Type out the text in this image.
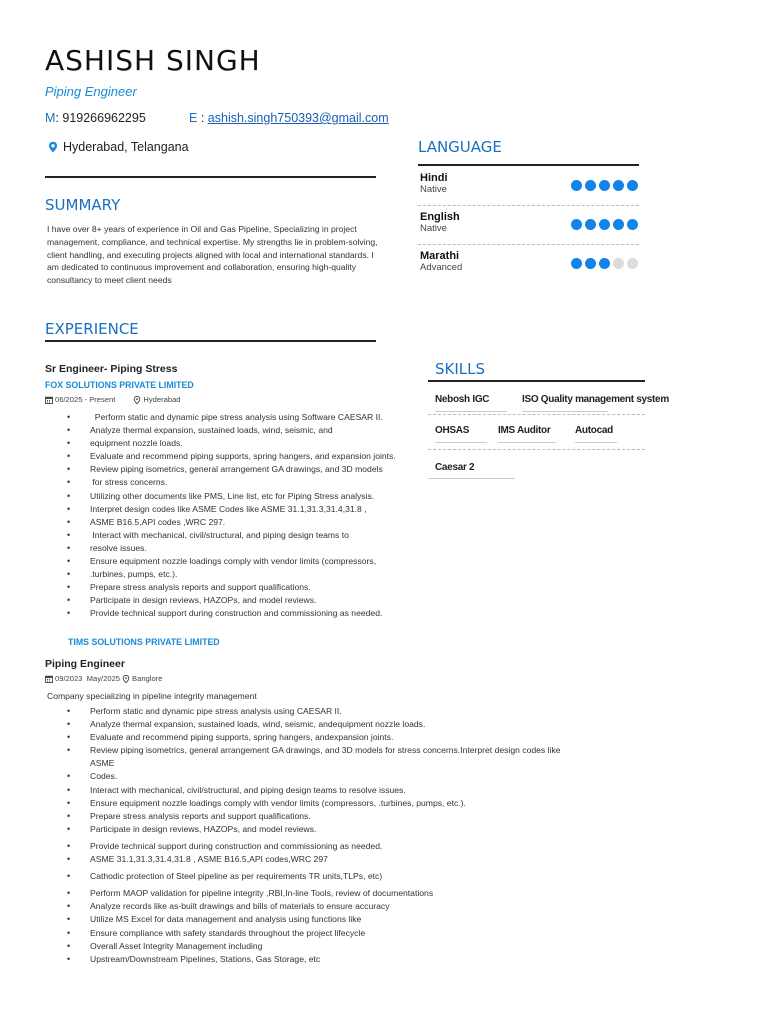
ASHISH SINGH
Piping Engineer
M: 919266962295	E : ashish.singh750393@gmail.com
Hyderabad, Telangana
SUMMARY
I have over 8+ years of experience in Oil and Gas Pipeline, Specializing in project
management, compliance, and technical expertise. My strengths lie in problem-solving,
client handling, and executing projects aligned with local and international standards. I
am dedicated to continuous improvement and collaboration, ensuring high-quality
consultancy to meet client needs
LANGUAGE
Hindi
Native
English
Native
Marathi
Advanced
EXPERIENCE
SKILLS
Nebosh IGC	ISO Quality management system
OHSAS	IMS Auditor	Autocad
Caesar 2
Sr Engineer- Piping Stress
FOX SOLUTIONS PRIVATE LIMITED
06/2025 - Present	Hyderabad
•   Perform static and dynamic pipe stress analysis using Software CAESAR II.
• Analyze thermal expansion, sustained loads, wind, seismic, and
• equipment nozzle loads.
• Evaluate and recommend piping supports, spring hangers, and expansion joints.
• Review piping isometrics, general arrangement GA drawings, and 3D models
•  for stress concerns.
• Utilizing other documents like PMS, Line list, etc for Piping Stress analysis.
• Interpret design codes like ASME Codes like ASME 31.1,31.3,31.4,31.8 ,
• ASME B16.5,API codes ,WRC 297.
•  Interact with mechanical, civil/structural, and piping design teams to
• resolve issues.
• Ensure equipment nozzle loadings comply with vendor limits (compressors,
• .turbines, pumps, etc.).
• Prepare stress analysis reports and support qualifications.
• Participate in design reviews, HAZOPs, and model reviews.
• Provide technical support during construction and commissioning as needed.
TIMS SOLUTIONS PRIVATE LIMITED
Piping Engineer
09/2023  May/2025 Banglore
Company specializing in pipeline integrity management
• Perform static and dynamic pipe stress analysis using CAESAR II.
• Analyze thermal expansion, sustained loads, wind, seismic, andequipment nozzle loads.
• Evaluate and recommend piping supports, spring hangers, andexpansion joints.
• Review piping isometrics, general arrangement GA drawings, and 3D models for stress concerns.Interpret design codes like
ASME
• Codes.
• Interact with mechanical, civil/structural, and piping design teams to resolve issues.
• Ensure equipment nozzle loadings comply with vendor limits (compressors, .turbines, pumps, etc.).
• Prepare stress analysis reports and support qualifications.
• Participate in design reviews, HAZOPs, and model reviews.
• Provide technical support during construction and commissioning as needed.
• ASME 31.1,31.3,31.4,31.8 , ASME B16.5,API codes,WRC 297
• Cathodic protection of Steel pipeline as per requirements TR units,TLPs, etc)
• Perform MAOP validation for pipeline integrity ,RBI,In-line Tools, review of documentations
• Analyze records like as-built drawings and bills of materials to ensure accuracy
• Utilize MS Excel for data management and analysis using functions like
• Ensure compliance with safety standards throughout the project lifecycle
• Overall Asset Integrity Management including
• Upstream/Downstream Pipelines, Stations, Gas Storage, etc
